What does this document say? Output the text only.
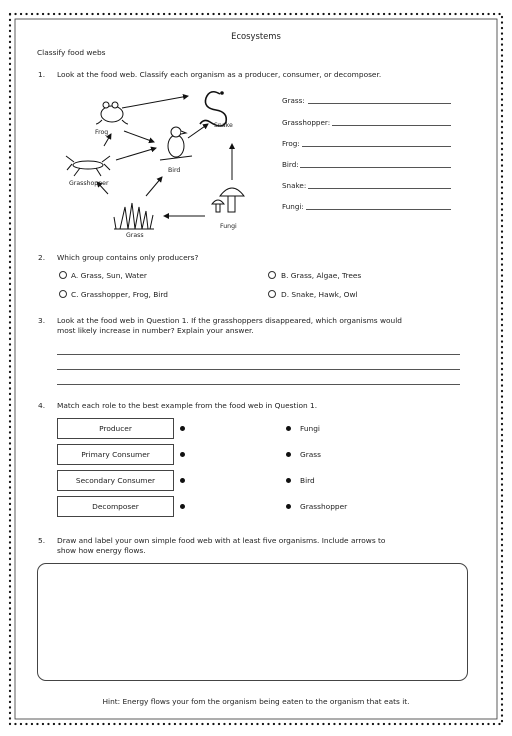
Ecosystems
Classify food webs
1. Look at the food web. Classify each organism as a producer, consumer, or decomposer.
Frog
Snake
Bird
Grasshopper
Grass
Fungi
Grass:
Grasshopper:
Frog:
Bird:
Snake:
Fungi:
2. Which group contains only producers?
A. Grass, Sun, Water	B. Grass, Algae, Trees
C. Grasshopper, Frog, Bird	D. Snake, Hawk, Owl
3. Look at the food web in Question 1. If the grasshoppers disappeared, which organisms would
most likely increase in number? Explain your answer.
4. Match each role to the best example from the food web in Question 1.
Producer
Primary Consumer
Secondary Consumer
Decomposer
Fungi
Grass
Bird
Grasshopper
5. Draw and label your own simple food web with at least five organisms. Include arrows to
show how energy flows.
Hint: Energy flows your fom the organism being eaten to the organism that eats it.
